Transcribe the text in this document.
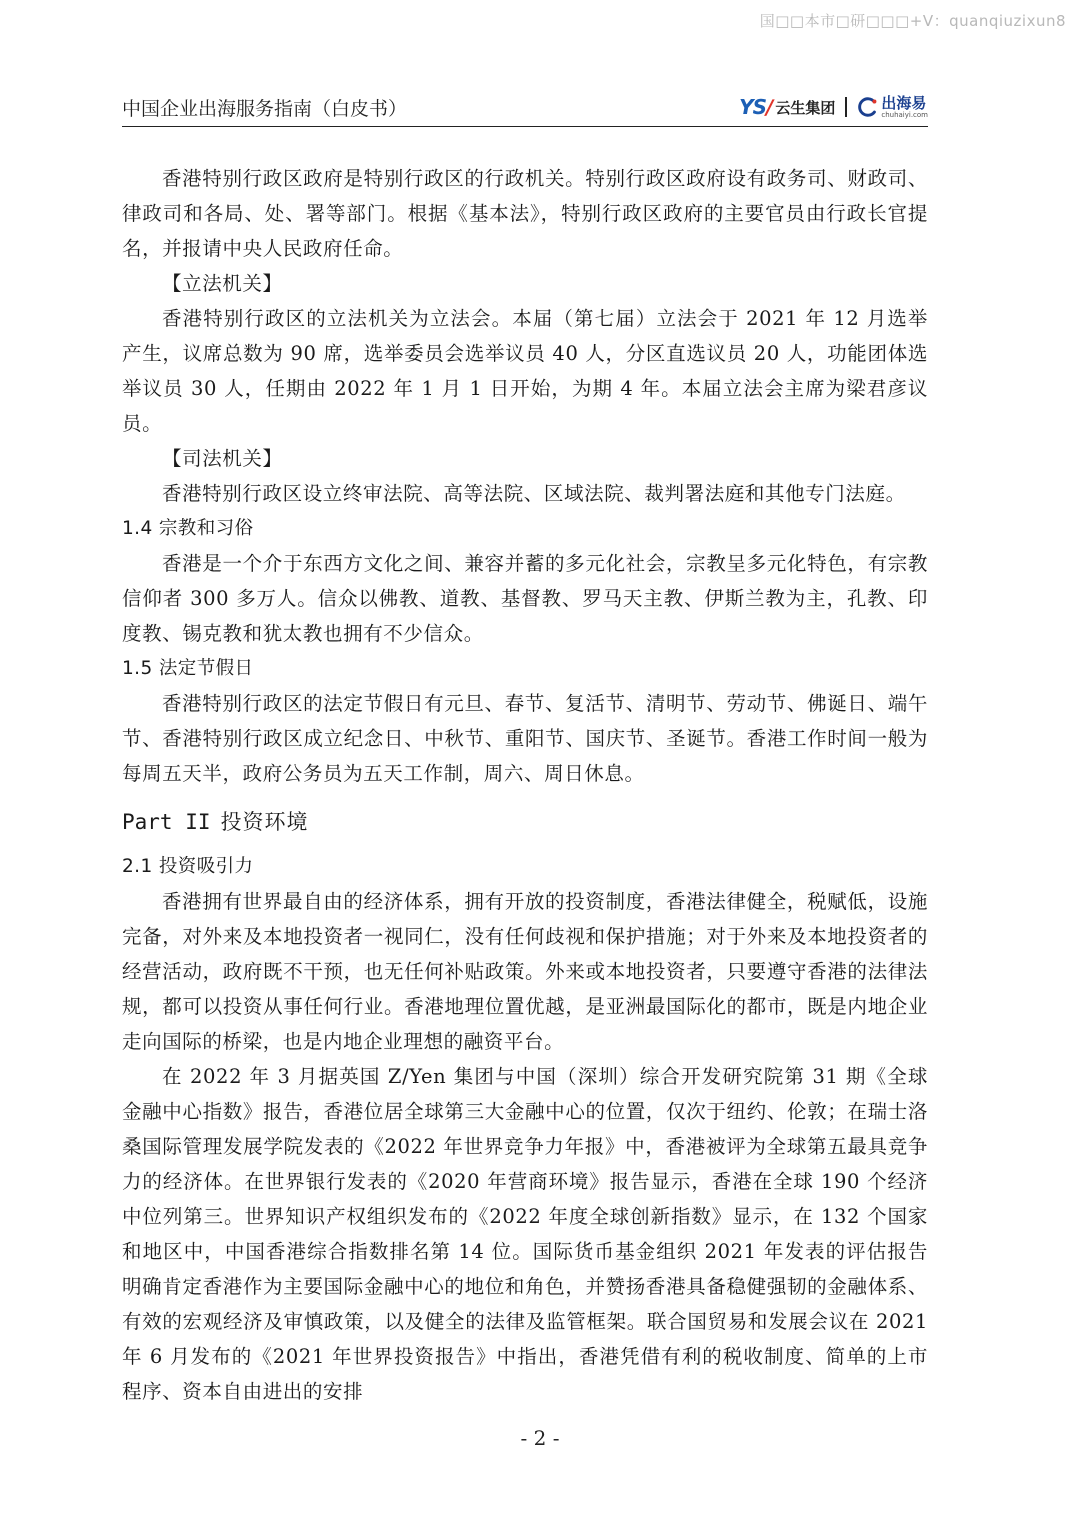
国□□本市□研□□□+V：quanqiuzixun8
中国企业出海服务指南（白皮书）	YS∕ 云生集团	出海易
chuhaiyi.com

香港特别行政区政府是特别行政区的行政机关。特别行政区政府设有政务司、财政司、律政司和各局、处、署等部门。根据《基本法》，特别行政区政府的主要官员由行政长官提名，并报请中央人民政府任命。

【立法机关】

香港特别行政区的立法机关为立法会。本届（第七届）立法会于 2021 年 12 月选举产生，议席总数为 90 席，选举委员会选举议员 40 人，分区直选议员 20 人，功能团体选举议员 30 人，任期由 2022 年 1 月 1 日开始，为期 4 年。本届立法会主席为梁君彦议员。

【司法机关】

香港特别行政区设立终审法院、高等法院、区域法院、裁判署法庭和其他专门法庭。

1.4 宗教和习俗

香港是一个介于东西方文化之间、兼容并蓄的多元化社会，宗教呈多元化特色，有宗教信仰者 300 多万人。信众以佛教、道教、基督教、罗马天主教、伊斯兰教为主，孔教、印度教、锡克教和犹太教也拥有不少信众。

1.5 法定节假日

香港特别行政区的法定节假日有元旦、春节、复活节、清明节、劳动节、佛诞日、端午节、香港特别行政区成立纪念日、中秋节、重阳节、国庆节、圣诞节。香港工作时间一般为每周五天半，政府公务员为五天工作制，周六、周日休息。

Part II 投资环境

2.1 投资吸引力

香港拥有世界最自由的经济体系，拥有开放的投资制度，香港法律健全，税赋低，设施完备，对外来及本地投资者一视同仁，没有任何歧视和保护措施；对于外来及本地投资者的经营活动，政府既不干预，也无任何补贴政策。外来或本地投资者，只要遵守香港的法律法规，都可以投资从事任何行业。香港地理位置优越，是亚洲最国际化的都市，既是内地企业走向国际的桥梁，也是内地企业理想的融资平台。

在 2022 年 3 月据英国 Z/Yen 集团与中国（深圳）综合开发研究院第 31 期《全球金融中心指数》报告，香港位居全球第三大金融中心的位置，仅次于纽约、伦敦；在瑞士洛桑国际管理发展学院发表的《2022 年世界竞争力年报》中，香港被评为全球第五最具竞争力的经济体。在世界银行发表的《2020 年营商环境》报告显示，香港在全球 190 个经济中位列第三。世界知识产权组织发布的《2022 年度全球创新指数》显示，在 132 个国家和地区中，中国香港综合指数排名第 14 位。国际货币基金组织 2021 年发表的评估报告明确肯定香港作为主要国际金融中心的地位和角色，并赞扬香港具备稳健强韧的金融体系、有效的宏观经济及审慎政策，以及健全的法律及监管框架。联合国贸易和发展会议在 2021 年 6 月发布的《2021 年世界投资报告》中指出，香港凭借有利的税收制度、简单的上市程序、资本自由进出的安排

- 2 -
